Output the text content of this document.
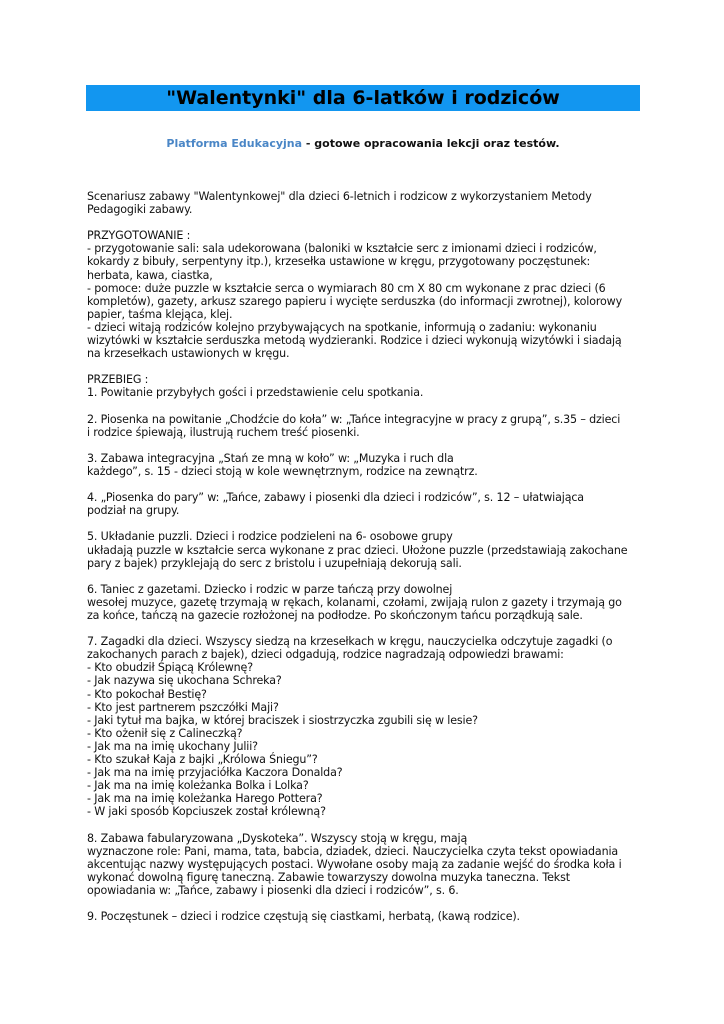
"Walentynki" dla 6-latków i rodziców
Platforma Edukacyjna - gotowe opracowania lekcji oraz testów.

Scenariusz zabawy "Walentynkowej" dla dzieci 6-letnich i rodzicow z wykorzystaniem Metody

Pedagogiki zabawy.

PRZYGOTOWANIE :

- przygotowanie sali: sala udekorowana (baloniki w kształcie serc z imionami dzieci i rodziców,

kokardy z bibuły, serpentyny itp.), krzesełka ustawione w kręgu, przygotowany poczęstunek:

herbata, kawa, ciastka,

- pomoce: duże puzzle w kształcie serca o wymiarach 80 cm X 80 cm wykonane z prac dzieci (6

kompletów), gazety, arkusz szarego papieru i wycięte serduszka (do informacji zwrotnej), kolorowy

papier, taśma klejąca, klej.

- dzieci witają rodziców kolejno przybywających na spotkanie, informują o zadaniu: wykonaniu

wizytówki w kształcie serduszka metodą wydzieranki. Rodzice i dzieci wykonują wizytówki i siadają

na krzesełkach ustawionych w kręgu.

PRZEBIEG :

1. Powitanie przybyłych gości i przedstawienie celu spotkania.

2. Piosenka na powitanie „Chodźcie do koła” w: „Tańce integracyjne w pracy z grupą”, s.35 – dzieci

i rodzice śpiewają, ilustrują ruchem treść piosenki.

3. Zabawa integracyjna „Stań ze mną w koło” w: „Muzyka i ruch dla

każdego”, s. 15 - dzieci stoją w kole wewnętrznym, rodzice na zewnątrz.

4. „Piosenka do pary” w: „Tańce, zabawy i piosenki dla dzieci i rodziców”, s. 12 – ułatwiająca

podział na grupy.

5. Układanie puzzli. Dzieci i rodzice podzieleni na 6- osobowe grupy

układają puzzle w kształcie serca wykonane z prac dzieci. Ułożone puzzle (przedstawiają zakochane

pary z bajek) przyklejają do serc z bristolu i uzupełniają dekorują sali.

6. Taniec z gazetami. Dziecko i rodzic w parze tańczą przy dowolnej

wesołej muzyce, gazetę trzymają w rękach, kolanami, czołami, zwijają rulon z gazety i trzymają go

za końce, tańczą na gazecie rozłożonej na podłodze. Po skończonym tańcu porządkują sale.

7. Zagadki dla dzieci. Wszyscy siedzą na krzesełkach w kręgu, nauczycielka odczytuje zagadki (o

zakochanych parach z bajek), dzieci odgadują, rodzice nagradzają odpowiedzi brawami:

- Kto obudził Śpiącą Królewnę?

- Jak nazywa się ukochana Schreka?

- Kto pokochał Bestię?

- Kto jest partnerem pszczółki Maji?

- Jaki tytuł ma bajka, w której braciszek i siostrzyczka zgubili się w lesie?

- Kto ożenił się z Calineczką?

- Jak ma na imię ukochany Julii?

- Kto szukał Kaja z bajki „Królowa Śniegu”?

- Jak ma na imię przyjaciółka Kaczora Donalda?

- Jak ma na imię koleżanka Bolka i Lolka?

- Jak ma na imię koleżanka Harego Pottera?

- W jaki sposób Kopciuszek został królewną?

8. Zabawa fabularyzowana „Dyskoteka”. Wszyscy stoją w kręgu, mają

wyznaczone role: Pani, mama, tata, babcia, dziadek, dzieci. Nauczycielka czyta tekst opowiadania

akcentując nazwy występujących postaci. Wywołane osoby mają za zadanie wejść do środka koła i

wykonać dowolną figurę taneczną. Zabawie towarzyszy dowolna muzyka taneczna. Tekst

opowiadania w: „Tańce, zabawy i piosenki dla dzieci i rodziców”, s. 6.

9. Poczęstunek – dzieci i rodzice częstują się ciastkami, herbatą, (kawą rodzice).
